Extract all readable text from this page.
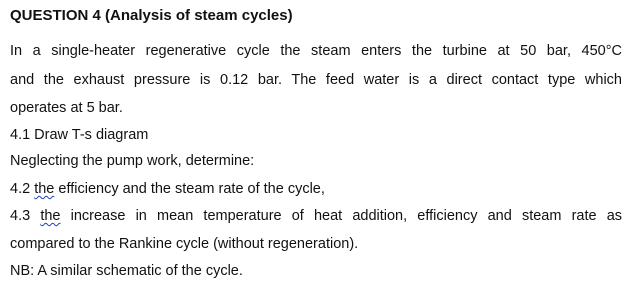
QUESTION 4 (Analysis of steam cycles)
In a single-heater regenerative cycle the steam enters the turbine at 50 bar, 450°C
and the exhaust pressure is 0.12 bar. The feed water is a direct contact type which
operates at 5 bar.
4.1 Draw T-s diagram
Neglecting the pump work, determine:
4.2 the efficiency and the steam rate of the cycle,
4.3 the increase in mean temperature of heat addition, efficiency and steam rate as
compared to the Rankine cycle (without regeneration).
NB: A similar schematic of the cycle.
